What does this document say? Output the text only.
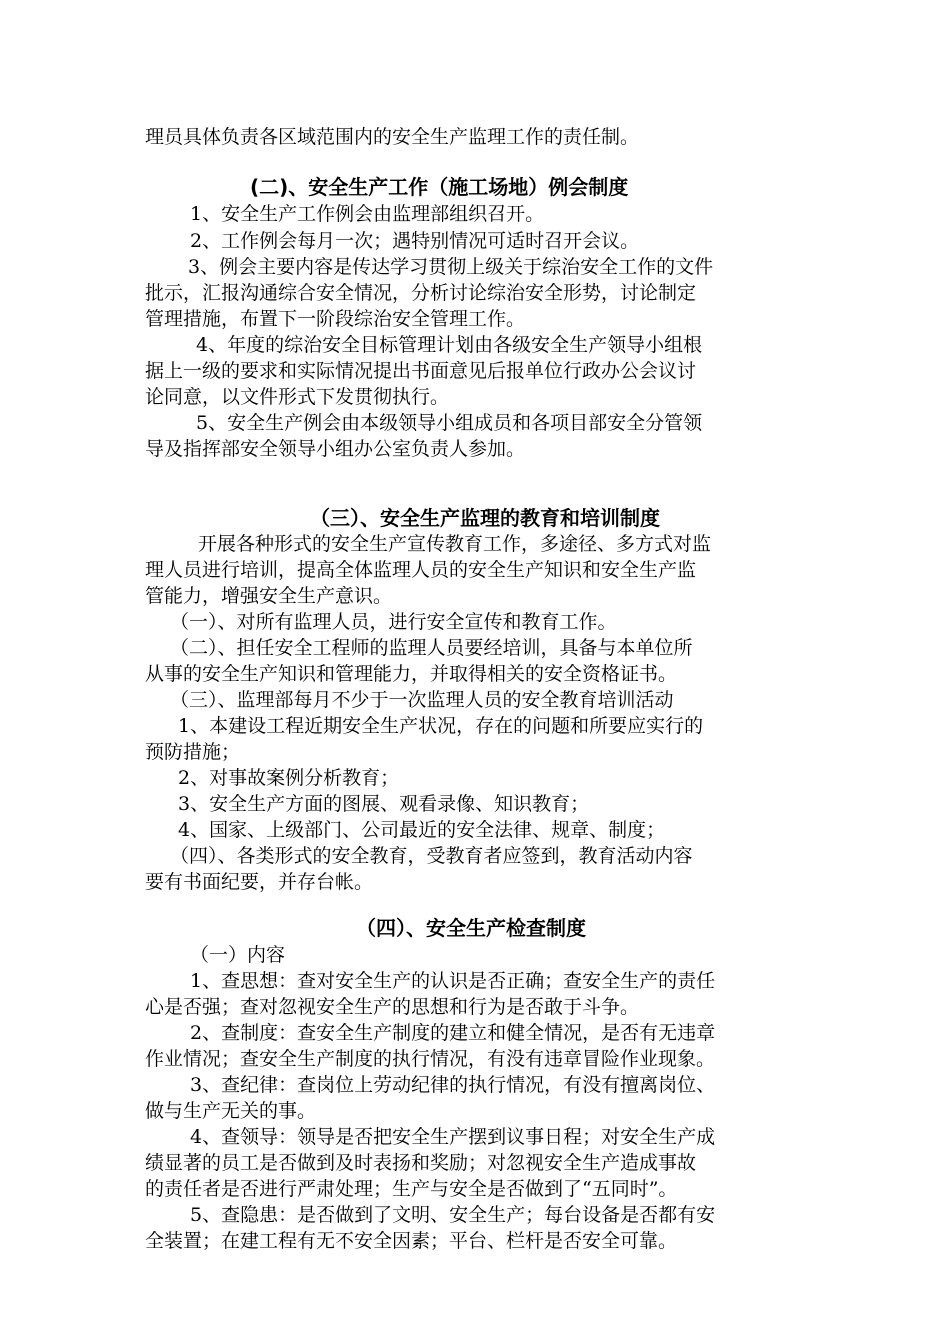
理员具体负责各区域范围内的安全生产监理工作的责任制。
(二)、安全生产工作（施工场地）例会制度
1、安全生产工作例会由监理部组织召开。
2、工作例会每月一次；遇特别情况可适时召开会议。
3、例会主要内容是传达学习贯彻上级关于综治安全工作的文件
批示，汇报沟通综合安全情况，分析讨论综治安全形势，讨论制定
管理措施，布置下一阶段综治安全管理工作。
4、年度的综治安全目标管理计划由各级安全生产领导小组根
据上一级的要求和实际情况提出书面意见后报单位行政办公会议讨
论同意，以文件形式下发贯彻执行。
5、安全生产例会由本级领导小组成员和各项目部安全分管领
导及指挥部安全领导小组办公室负责人参加。
（三）、安全生产监理的教育和培训制度
开展各种形式的安全生产宣传教育工作，多途径、多方式对监
理人员进行培训，提高全体监理人员的安全生产知识和安全生产监
管能力，增强安全生产意识。
（一）、对所有监理人员，进行安全宣传和教育工作。
（二）、担任安全工程师的监理人员要经培训，具备与本单位所
从事的安全生产知识和管理能力，并取得相关的安全资格证书。
（三）、监理部每月不少于一次监理人员的安全教育培训活动
1、本建设工程近期安全生产状况，存在的问题和所要应实行的
预防措施；
2、对事故案例分析教育；
3、安全生产方面的图展、观看录像、知识教育；
4、国家、上级部门、公司最近的安全法律、规章、制度；
（四）、各类形式的安全教育，受教育者应签到，教育活动内容
要有书面纪要，并存台帐。
（四）、安全生产检查制度
（一）内容
1、查思想：查对安全生产的认识是否正确；查安全生产的责任
心是否强；查对忽视安全生产的思想和行为是否敢于斗争。
2、查制度：查安全生产制度的建立和健全情况，是否有无违章
作业情况；查安全生产制度的执行情况，有没有违章冒险作业现象。
3、查纪律：查岗位上劳动纪律的执行情况，有没有擅离岗位、
做与生产无关的事。
4、查领导：领导是否把安全生产摆到议事日程；对安全生产成
绩显著的员工是否做到及时表扬和奖励；对忽视安全生产造成事故
的责任者是否进行严肃处理；生产与安全是否做到了“五同时”。
5、查隐患：是否做到了文明、安全生产；每台设备是否都有安
全装置；在建工程有无不安全因素；平台、栏杆是否安全可靠。
